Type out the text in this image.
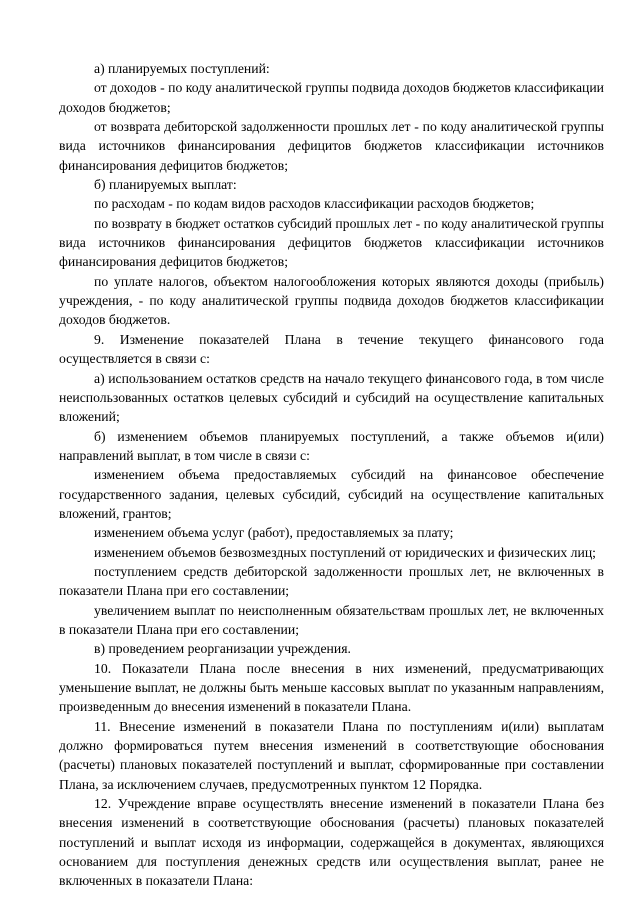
а) планируемых поступлений:

от доходов - по коду аналитической группы подвида доходов бюджетов классификации доходов бюджетов;

от возврата дебиторской задолженности прошлых лет - по коду аналитической группы вида источников финансирования дефицитов бюджетов классификации источников финансирования дефицитов бюджетов;

б) планируемых выплат:

по расходам - по кодам видов расходов классификации расходов бюджетов;

по возврату в бюджет остатков субсидий прошлых лет - по коду аналитической группы вида источников финансирования дефицитов бюджетов классификации источников финансирования дефицитов бюджетов;

по уплате налогов, объектом налогообложения которых являются доходы (прибыль) учреждения, - по коду аналитической группы подвида доходов бюджетов классификации доходов бюджетов.

9. Изменение показателей Плана в течение текущего финансового года осуществляется в связи с:

а) использованием остатков средств на начало текущего финансового года, в том числе неиспользованных остатков целевых субсидий и субсидий на осуществление капитальных вложений;

б) изменением объемов планируемых поступлений, а также объемов и(или) направлений выплат, в том числе в связи с:

изменением объема предоставляемых субсидий на финансовое обеспечение государственного задания, целевых субсидий, субсидий на осуществление капитальных вложений, грантов;

изменением объема услуг (работ), предоставляемых за плату;

изменением объемов безвозмездных поступлений от юридических и физических лиц;

поступлением средств дебиторской задолженности прошлых лет, не включенных в показатели Плана при его составлении;

увеличением выплат по неисполненным обязательствам прошлых лет, не включенных в показатели Плана при его составлении;

в) проведением реорганизации учреждения.

10. Показатели Плана после внесения в них изменений, предусматривающих уменьшение выплат, не должны быть меньше кассовых выплат по указанным направлениям, произведенным до внесения изменений в показатели Плана.

11. Внесение изменений в показатели Плана по поступлениям и(или) выплатам должно формироваться путем внесения изменений в соответствующие обоснования (расчеты) плановых показателей поступлений и выплат, сформированные при составлении Плана, за исключением случаев, предусмотренных пунктом 12 Порядка.

12. Учреждение вправе осуществлять внесение изменений в показатели Плана без внесения изменений в соответствующие обоснования (расчеты) плановых показателей поступлений и выплат исходя из информации, содержащейся в документах, являющихся основанием для поступления денежных средств или осуществления выплат, ранее не включенных в показатели Плана:
